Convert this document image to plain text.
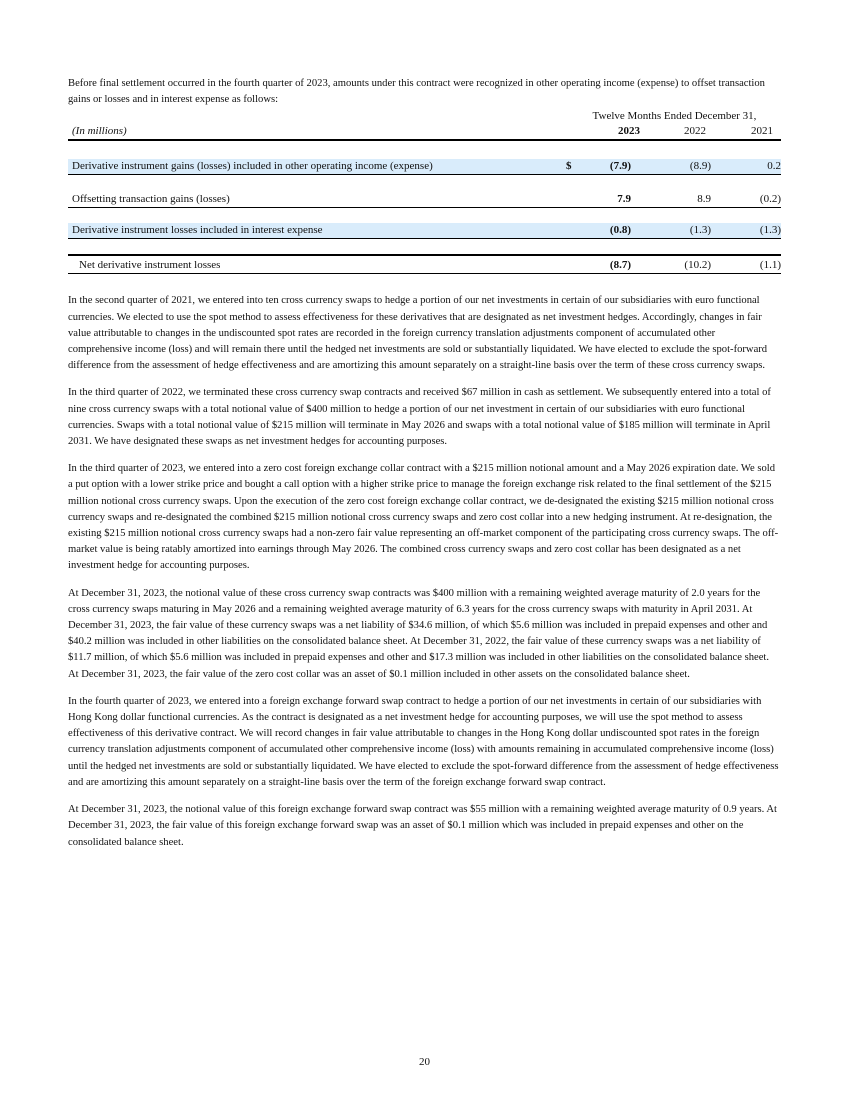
Before final settlement occurred in the fourth quarter of 2023, amounts under this contract were recognized in other operating income (expense) to offset transaction gains or losses and in interest expense as follows:

Twelve Months Ended December 31,
(In millions)	2023	2022	2021
Derivative instrument gains (losses) included in other operating income (expense)	$	(7.9)	(8.9)	0.2
Offsetting transaction gains (losses)	7.9	8.9	(0.2)
Derivative instrument losses included in interest expense	(0.8)	(1.3)	(1.3)
Net derivative instrument losses	(8.7)	(10.2)	(1.1)

In the second quarter of 2021, we entered into ten cross currency swaps to hedge a portion of our net investments in certain of our subsidiaries with euro functional currencies. We elected to use the spot method to assess effectiveness for these derivatives that are designated as net investment hedges. Accordingly, changes in fair value attributable to changes in the undiscounted spot rates are recorded in the foreign currency translation adjustments component of accumulated other comprehensive income (loss) and will remain there until the hedged net investments are sold or substantially liquidated. We have elected to exclude the spot-forward difference from the assessment of hedge effectiveness and are amortizing this amount separately on a straight-line basis over the term of these cross currency swaps.

In the third quarter of 2022, we terminated these cross currency swap contracts and received $67 million in cash as settlement. We subsequently entered into a total of nine cross currency swaps with a total notional value of $400 million to hedge a portion of our net investment in certain of our subsidiaries with euro functional currencies. Swaps with a total notional value of $215 million will terminate in May 2026 and swaps with a total notional value of $185 million will terminate in April 2031. We have designated these swaps as net investment hedges for accounting purposes.

In the third quarter of 2023, we entered into a zero cost foreign exchange collar contract with a $215 million notional amount and a May 2026 expiration date. We sold a put option with a lower strike price and bought a call option with a higher strike price to manage the foreign exchange risk related to the final settlement of the $215 million notional cross currency swaps. Upon the execution of the zero cost foreign exchange collar contract, we de-designated the existing $215 million notional cross currency swaps and re-designated the combined $215 million notional cross currency swaps and zero cost collar into a new hedging instrument. At re-designation, the existing $215 million notional cross currency swaps had a non-zero fair value representing an off-market component of the participating cross currency swaps. The off-market value is being ratably amortized into earnings through May 2026. The combined cross currency swaps and zero cost collar has been designated as a net investment hedge for accounting purposes.

At December 31, 2023, the notional value of these cross currency swap contracts was $400 million with a remaining weighted average maturity of 2.0 years for the cross currency swaps maturing in May 2026 and a remaining weighted average maturity of 6.3 years for the cross currency swaps with maturity in April 2031. At December 31, 2023, the fair value of these currency swaps was a net liability of $34.6 million, of which $5.6 million was included in prepaid expenses and other and $40.2 million was included in other liabilities on the consolidated balance sheet. At December 31, 2022, the fair value of these currency swaps was a net liability of $11.7 million, of which $5.6 million was included in prepaid expenses and other and $17.3 million was included in other liabilities on the consolidated balance sheet. At December 31, 2023, the fair value of the zero cost collar was an asset of $0.1 million included in other assets on the consolidated balance sheet.

In the fourth quarter of 2023, we entered into a foreign exchange forward swap contract to hedge a portion of our net investments in certain of our subsidiaries with Hong Kong dollar functional currencies. As the contract is designated as a net investment hedge for accounting purposes, we will use the spot method to assess effectiveness of this derivative contract. We will record changes in fair value attributable to changes in the Hong Kong dollar undiscounted spot rates in the foreign currency translation adjustments component of accumulated other comprehensive income (loss) with amounts remaining in accumulated comprehensive income (loss) until the hedged net investments are sold or substantially liquidated. We have elected to exclude the spot-forward difference from the assessment of hedge effectiveness and are amortizing this amount separately on a straight-line basis over the term of the foreign exchange forward swap contract.

At December 31, 2023, the notional value of this foreign exchange forward swap contract was $55 million with a remaining weighted average maturity of 0.9 years. At December 31, 2023, the fair value of this foreign exchange forward swap was an asset of $0.1 million which was included in prepaid expenses and other on the consolidated balance sheet.

20
